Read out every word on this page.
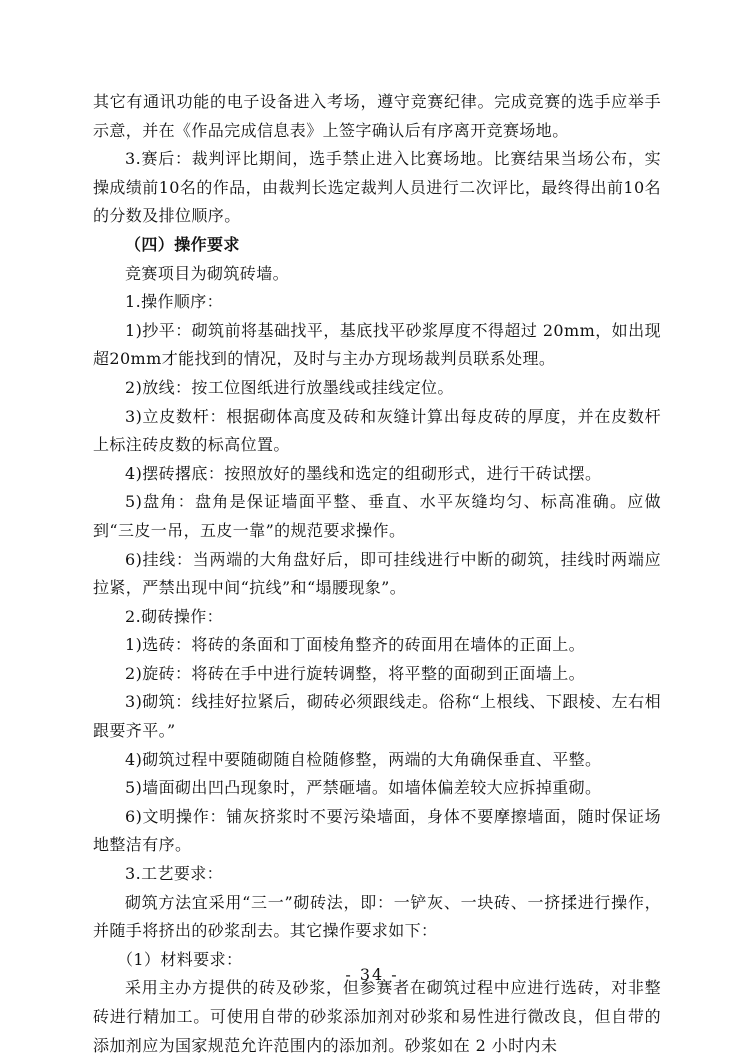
其它有通讯功能的电子设备进入考场，遵守竞赛纪律。完成竞赛的选手应举手示意，并在《作品完成信息表》上签字确认后有序离开竞赛场地。

3.赛后：裁判评比期间，选手禁止进入比赛场地。比赛结果当场公布，实操成绩前10名的作品，由裁判长选定裁判人员进行二次评比，最终得出前10名的分数及排位顺序。

（四）操作要求

竞赛项目为砌筑砖墙。

1.操作顺序：

1)抄平：砌筑前将基础找平，基底找平砂浆厚度不得超过 20mm，如出现超20mm才能找到的情况，及时与主办方现场裁判员联系处理。

2)放线：按工位图纸进行放墨线或挂线定位。

3)立皮数杆：根据砌体高度及砖和灰缝计算出每皮砖的厚度，并在皮数杆上标注砖皮数的标高位置。

4)摆砖撂底：按照放好的墨线和选定的组砌形式，进行干砖试摆。

5)盘角：盘角是保证墙面平整、垂直、水平灰缝均匀、标高准确。应做到“三皮一吊，五皮一靠”的规范要求操作。

6)挂线：当两端的大角盘好后，即可挂线进行中断的砌筑，挂线时两端应拉紧，严禁出现中间“抗线”和“塌腰现象”。

2.砌砖操作：

1)选砖：将砖的条面和丁面棱角整齐的砖面用在墙体的正面上。

2)旋砖：将砖在手中进行旋转调整，将平整的面砌到正面墙上。

3)砌筑：线挂好拉紧后，砌砖必须跟线走。俗称“上根线、下跟棱、左右相跟要齐平。”

4)砌筑过程中要随砌随自检随修整，两端的大角确保垂直、平整。

5)墙面砌出凹凸现象时，严禁砸墙。如墙体偏差较大应拆掉重砌。

6)文明操作：铺灰挤浆时不要污染墙面，身体不要摩擦墙面，随时保证场地整洁有序。

3.工艺要求：

砌筑方法宜采用“三一”砌砖法，即：一铲灰、一块砖、一挤揉进行操作，并随手将挤出的砂浆刮去。其它操作要求如下：

（1）材料要求：

采用主办方提供的砖及砂浆，但参赛者在砌筑过程中应进行选砖，对非整砖进行精加工。可使用自带的砂浆添加剂对砂浆和易性进行微改良，但自带的添加剂应为国家规范允许范围内的添加剂。砂浆如在 2 小时内未

- 34 -
